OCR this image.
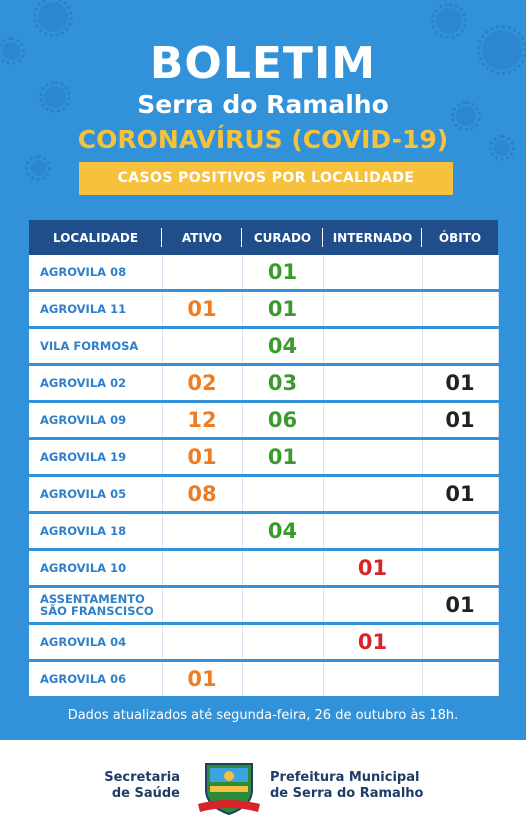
BOLETIM
Serra do Ramalho
CORONAVÍRUS (COVID-19)
CASOS POSITIVOS POR LOCALIDADE
LOCALIDADE	ATIVO	CURADO	INTERNADO	ÓBITO
AGROVILA 08		01		
AGROVILA 11	01	01		
VILA FORMOSA		04		
AGROVILA 02	02	03		01
AGROVILA 09	12	06		01
AGROVILA 19	01	01		
AGROVILA 05	08			01
AGROVILA 18		04		
AGROVILA 10			01	
ASSENTAMENTO
SÃO FRANSCISCO				01
AGROVILA 04			01	
AGROVILA 06	01			
Dados atualizados até segunda-feira, 26 de outubro às 18h.
Secretaria
de Saúde
Prefeitura Municipal
de Serra do Ramalho
